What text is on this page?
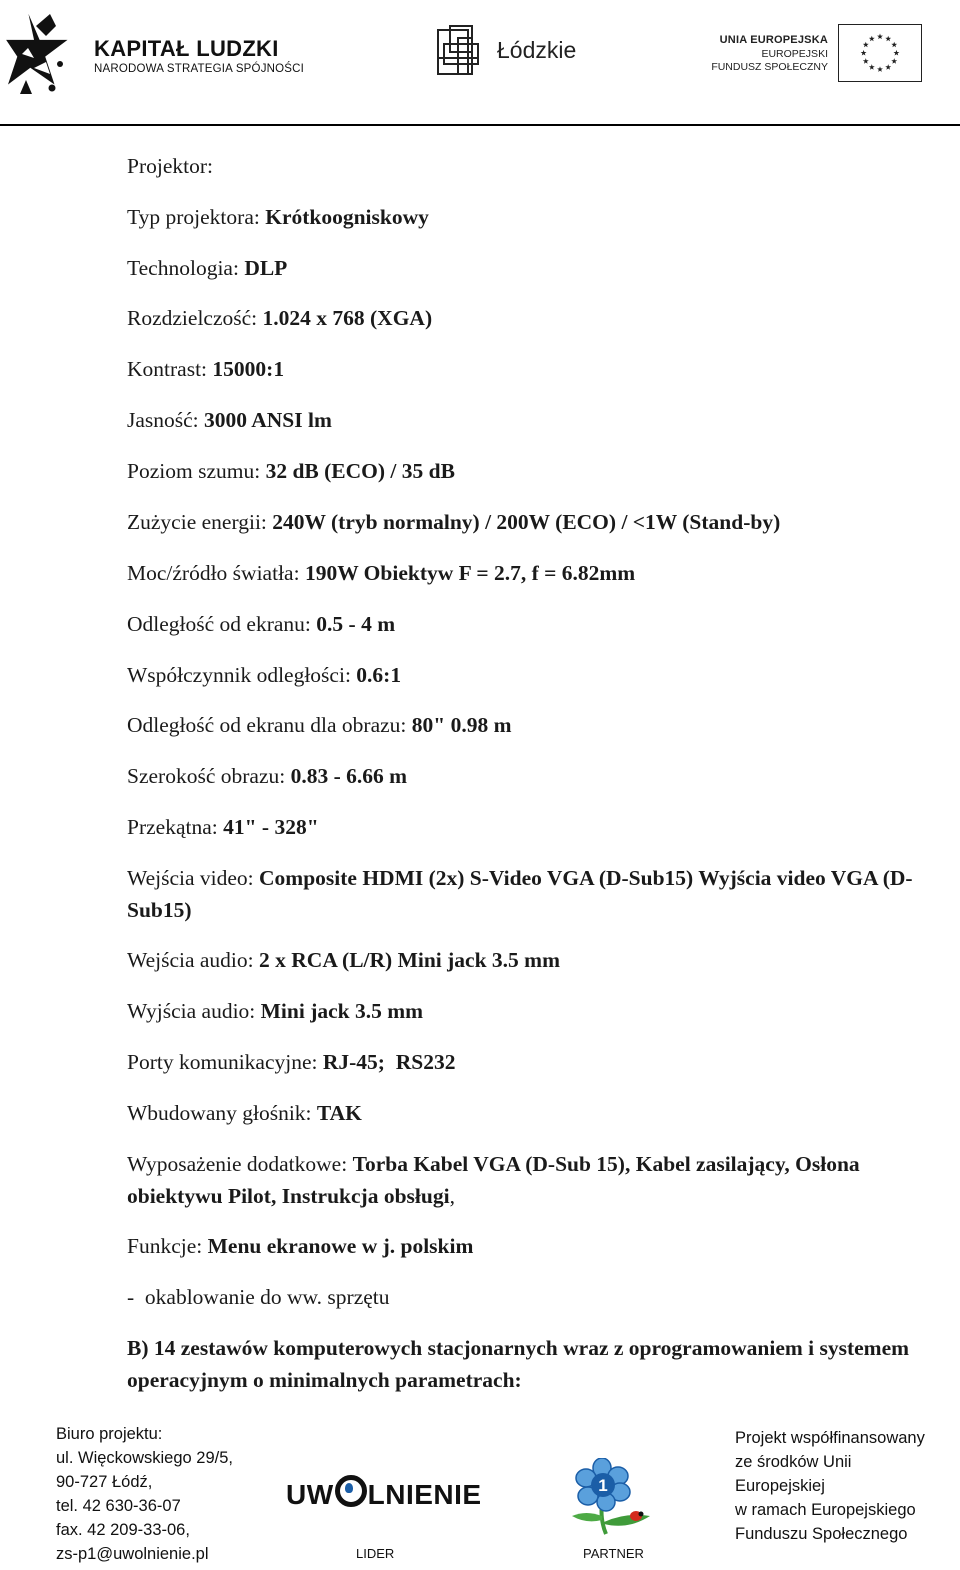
KAPITAŁ LUDZKI
NARODOWA STRATEGIA SPÓJNOŚCI
Łódzkie	UNIA EUROPEJSKA
EUROPEJSKI
FUNDUSZ SPOŁECZNY
Projektor:
Typ projektora: Krótkoogniskowy
Technologia: DLP
Rozdzielczość: 1.024 x 768 (XGA)
Kontrast: 15000:1
Jasność: 3000 ANSI lm
Poziom szumu: 32 dB (ECO) / 35 dB
Zużycie energii: 240W (tryb normalny) / 200W (ECO) / <1W (Stand-by)
Moc/źródło światła: 190W Obiektyw F = 2.7, f = 6.82mm
Odległość od ekranu: 0.5 - 4 m
Współczynnik odległości: 0.6:1
Odległość od ekranu dla obrazu: 80" 0.98 m
Szerokość obrazu: 0.83 - 6.66 m
Przekątna: 41" - 328"
Wejścia video: Composite HDMI (2x) S-Video VGA (D-Sub15) Wyjścia video VGA (D-Sub15)
Wejścia audio: 2 x RCA (L/R) Mini jack 3.5 mm
Wyjścia audio: Mini jack 3.5 mm
Porty komunikacyjne: RJ-45;  RS232
Wbudowany głośnik: TAK
Wyposażenie dodatkowe: Torba Kabel VGA (D-Sub 15), Kabel zasilający, Osłona obiektywu Pilot, Instrukcja obsługi,
Funkcje: Menu ekranowe w j. polskim
-  okablowanie do ww. sprzętu
B) 14 zestawów komputerowych stacjonarnych wraz z oprogramowaniem i systemem operacyjnym o minimalnych parametrach:
Biuro projektu:
ul. Więckowskiego 29/5,
90-727 Łódź,
tel. 42 630-36-07
fax. 42 209-33-06,
zs-p1@uwolnienie.pl
UW LNIENIE
LIDER
1
PARTNER
Projekt współfinansowany
ze środków Unii
Europejskiej
w ramach Europejskiego
Funduszu Społecznego
